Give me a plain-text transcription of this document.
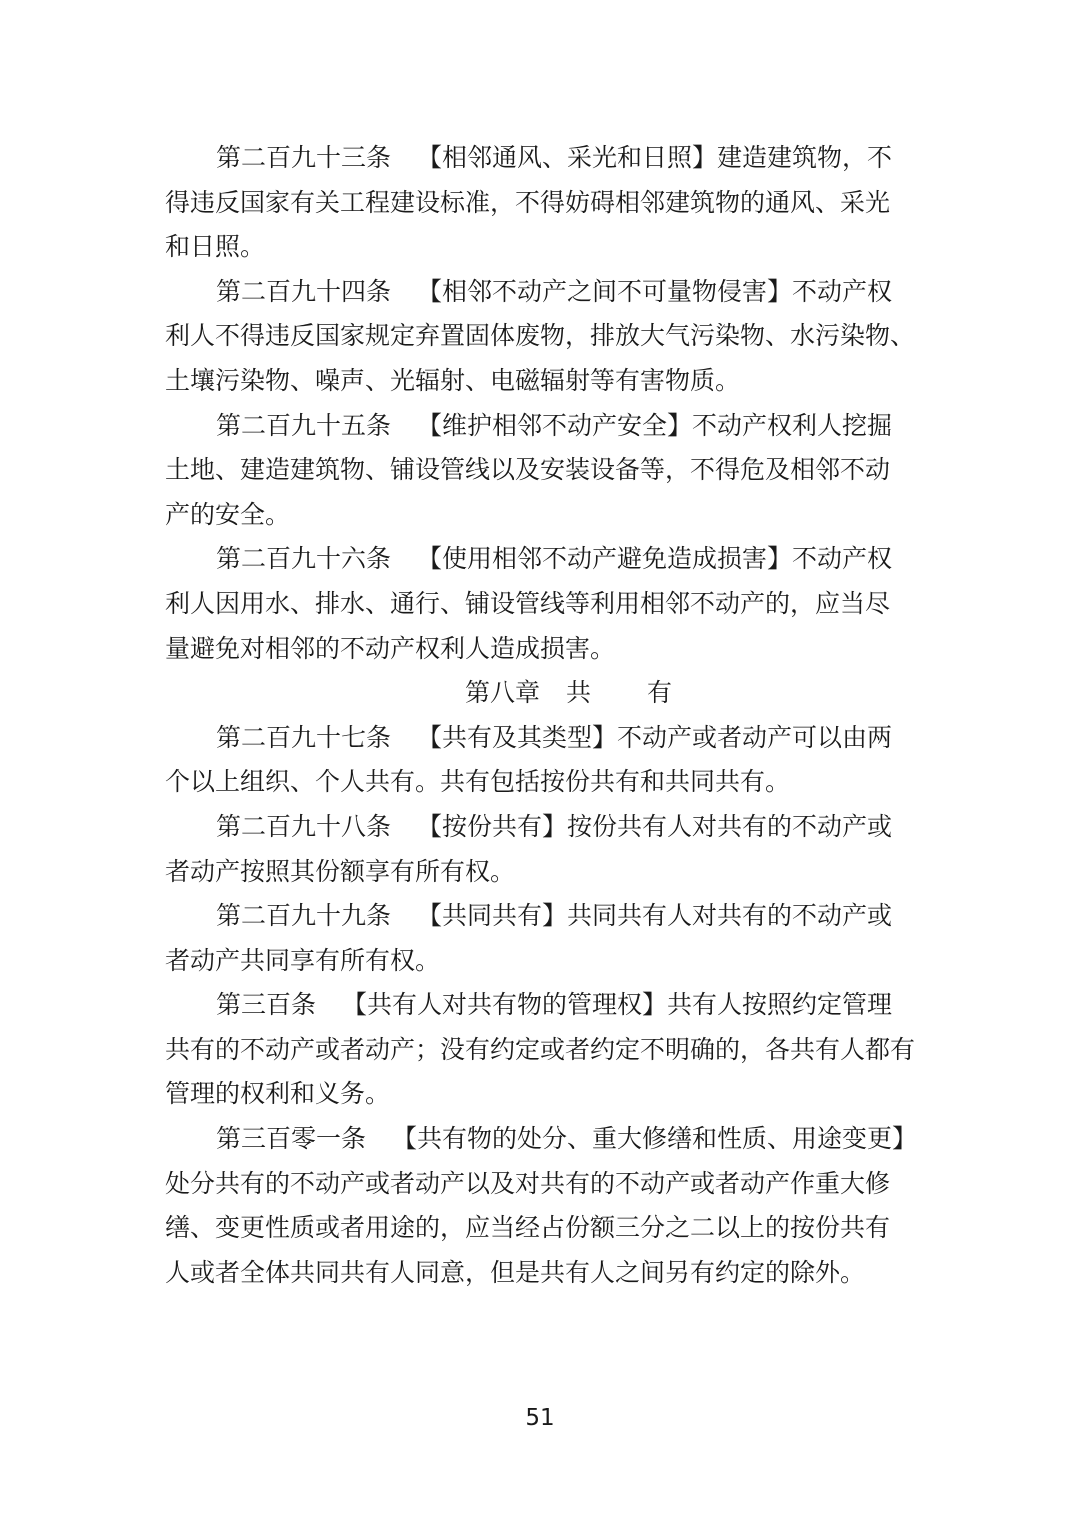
第二百九十三条 【相邻通风、采光和日照】建造建筑物，不
得违反国家有关工程建设标准，不得妨碍相邻建筑物的通风、采光
和日照。

第二百九十四条 【相邻不动产之间不可量物侵害】不动产权
利人不得违反国家规定弃置固体废物，排放大气污染物、水污染物、
土壤污染物、噪声、光辐射、电磁辐射等有害物质。

第二百九十五条 【维护相邻不动产安全】不动产权利人挖掘
土地、建造建筑物、铺设管线以及安装设备等，不得危及相邻不动
产的安全。

第二百九十六条 【使用相邻不动产避免造成损害】不动产权
利人因用水、排水、通行、铺设管线等利用相邻不动产的，应当尽
量避免对相邻的不动产权利人造成损害。

第八章 共 有

第二百九十七条 【共有及其类型】不动产或者动产可以由两
个以上组织、个人共有。共有包括按份共有和共同共有。

第二百九十八条 【按份共有】按份共有人对共有的不动产或
者动产按照其份额享有所有权。

第二百九十九条 【共同共有】共同共有人对共有的不动产或
者动产共同享有所有权。

第三百条 【共有人对共有物的管理权】共有人按照约定管理
共有的不动产或者动产；没有约定或者约定不明确的，各共有人都有
管理的权利和义务。

第三百零一条 【共有物的处分、重大修缮和性质、用途变更】
处分共有的不动产或者动产以及对共有的不动产或者动产作重大修
缮、变更性质或者用途的，应当经占份额三分之二以上的按份共有
人或者全体共同共有人同意，但是共有人之间另有约定的除外。

51
